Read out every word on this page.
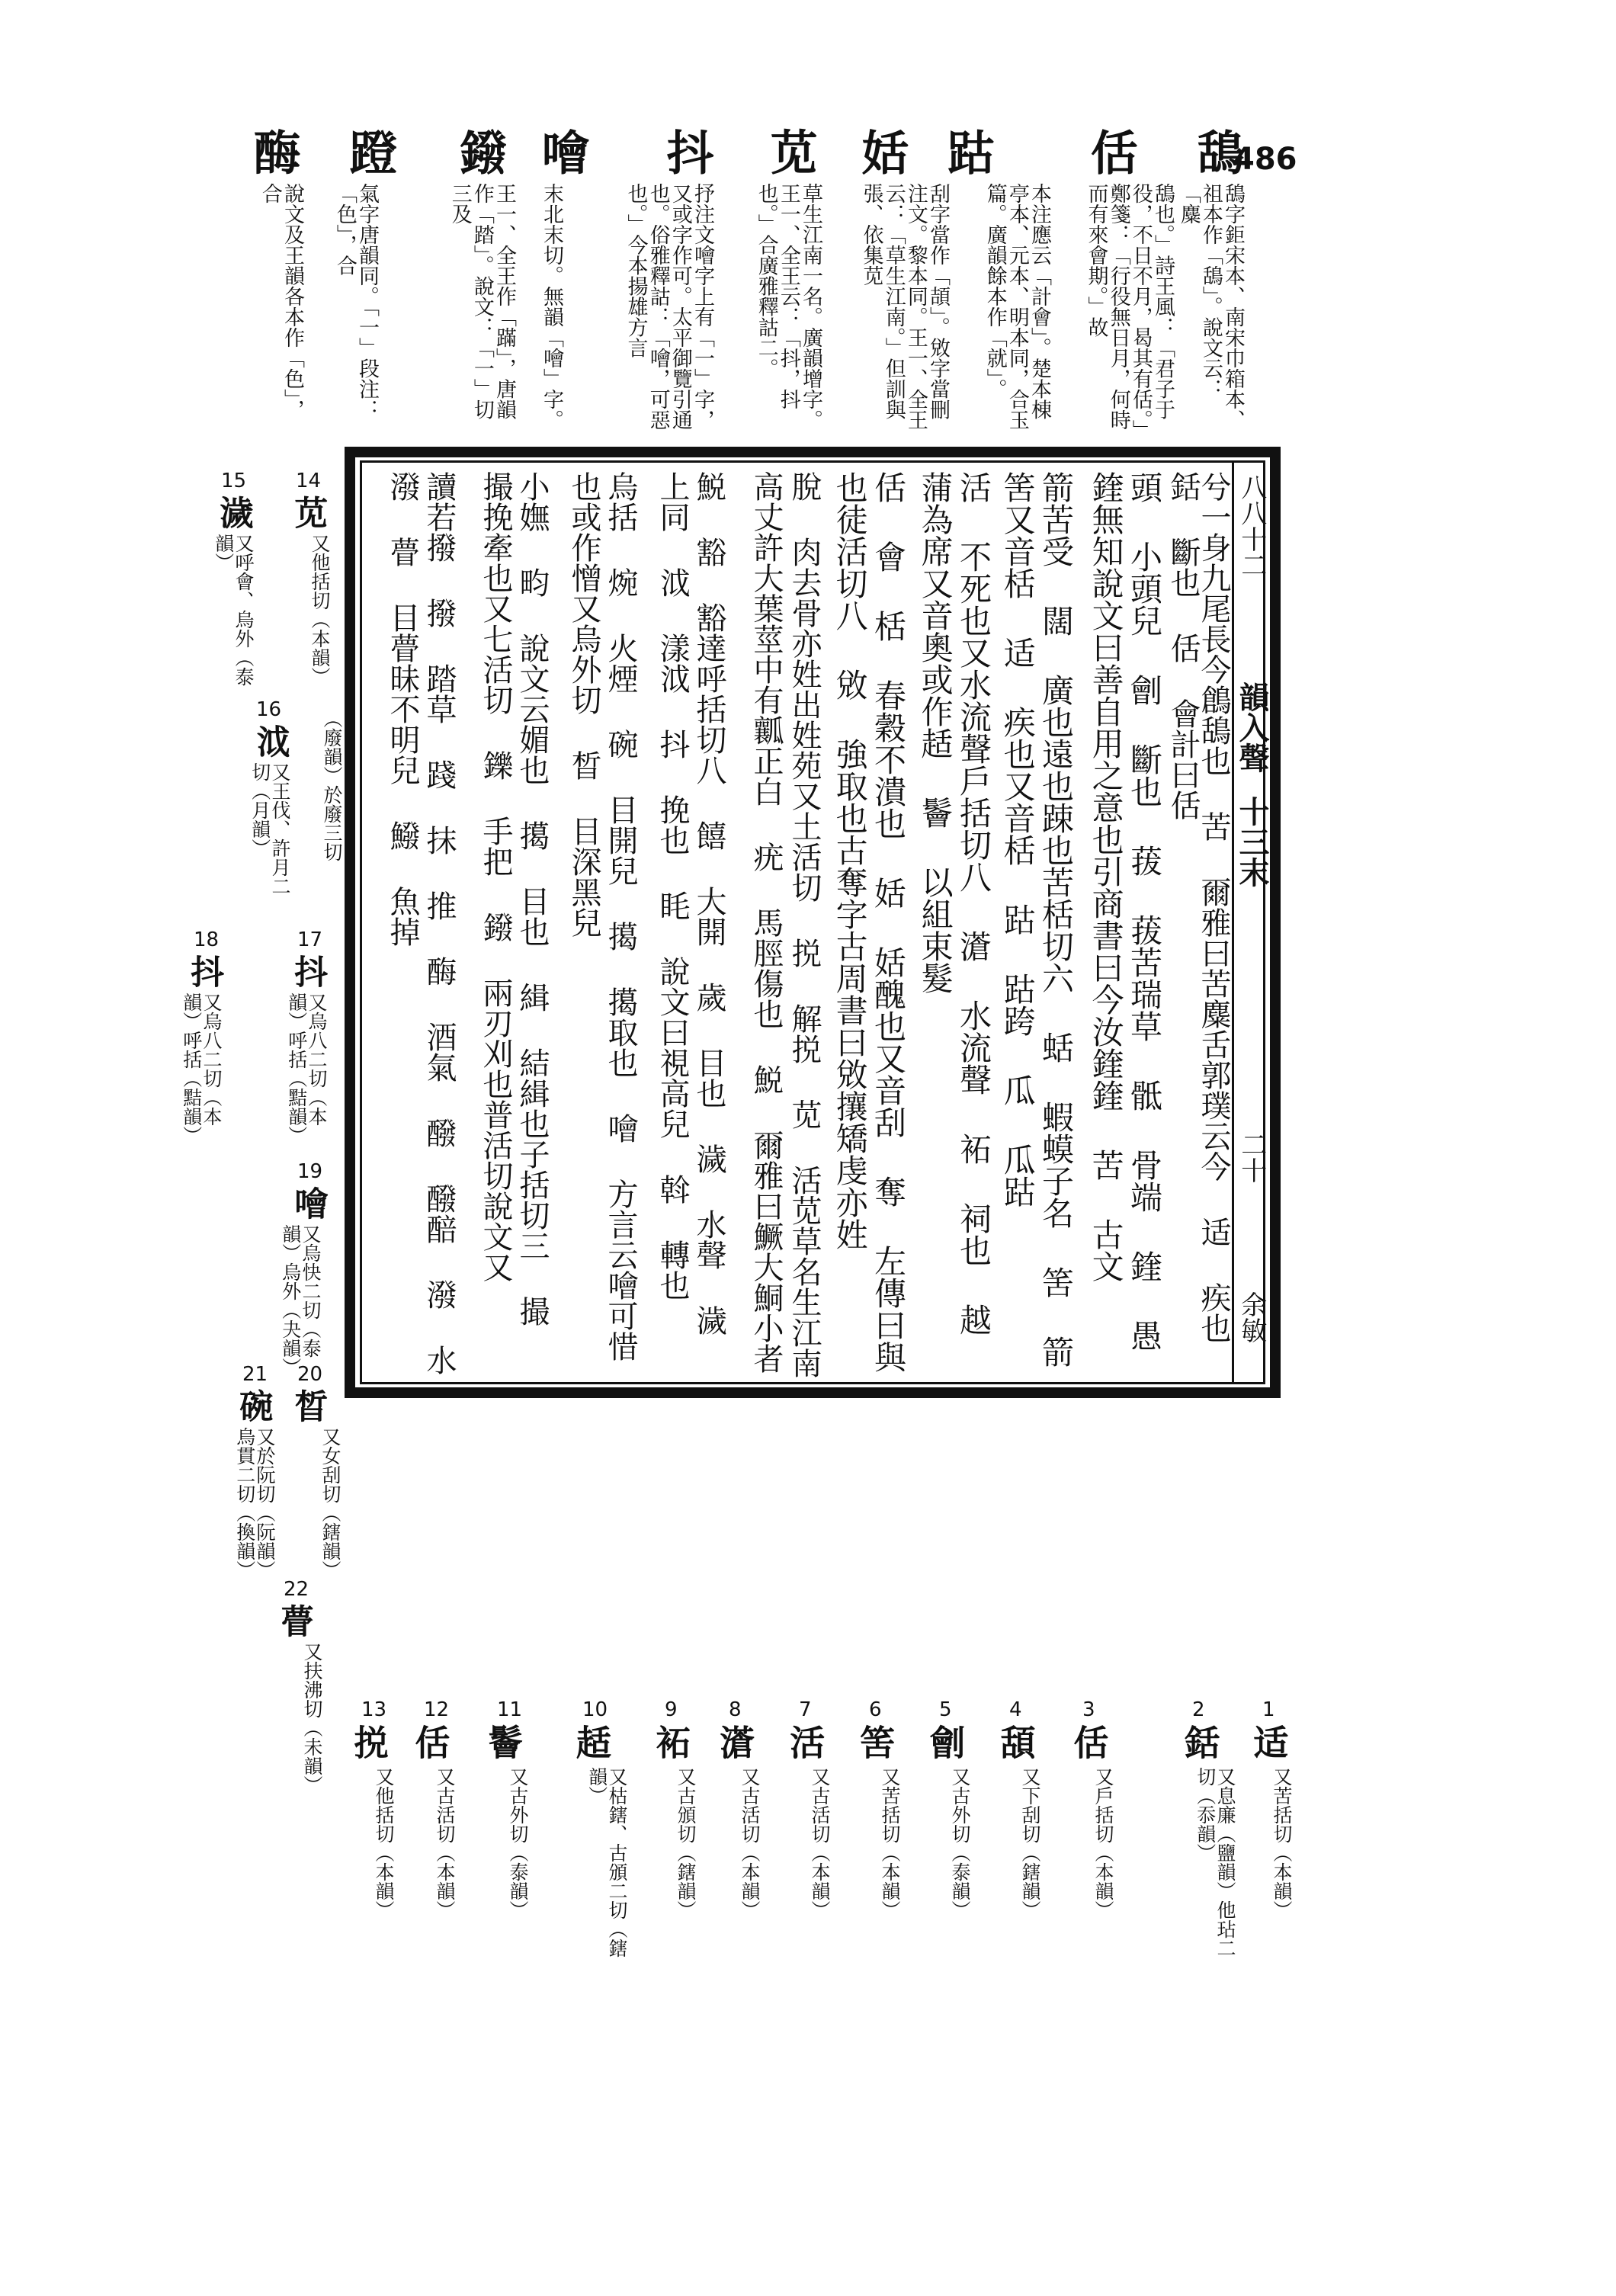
486
鴰
佸
跍
姡
苋
抖
噲
鏺
蹬
酶
鴰字鉅宋本、南宋巾箱本、祖本作「鴰」。說文云：「麋
鴰也。」詩王風：「君子于役，不日不月，曷其有佸。」鄭箋：「行役無日月，何時而有來會期。」故
本注應云「計會」。楚本棟亭本、元本、明本同，合玉篇。廣韻餘本作「就」。
刮字當作「頡」。敓字當刪注文。黎本同。王一、全王云：「草生江南。」但訓與張、依集苋
草生江南一名。廣韻增字。王一、全王云：「抖，抖也。」合廣雅釋詁二。
抒注文噲字上有「一」字，又或字作可。太平御覽引通也。俗雅釋詁：「噲，可惡也。」今本揚雄方言
末北末切。無韻「噲」字。
王一、全王作「蹣」，唐韻作「踏」。說文：「一」切三及
氣字唐韻同。「一」段注：「色」，合
說文及王韻各本作「色」，合
八八十二
韻入聲
十三末
二十
余敏
兮一身九尾長今鶬鴰也 苦 爾雅曰苦麋舌郭璞云今 适 疾也 銛 斷也 佸 會計曰佸
頭 小頭兒 劊 斷也 菝 菝苦瑞草 骶 骨端 鍷 愚鍷無知說文曰善自用之意也引商書曰今汝鍷鍷 苦 古文
箭苦受 闊 廣也遠也踈也苦栝切六 蛞 蝦蟆子名 筈 箭筈又音栝 适 疾也又音栝 跍 跍跨 瓜 瓜跍
活 不死也又水流聲戶括切八 濸 水流聲 袥 祠也 越 蒲為席又音奧或作趏 鬠 以組束髮
佸 會 栝 春穀不潰也 姡 姡醜也又音刮 奪 左傳曰與也徒活切八 敓 強取也古奪字古周書曰敓攘矯虔亦姓
脫 肉去骨亦姓出姓苑又土活切 捝 解捝 苋 活苋草名生江南高丈許大葉莖中有瓤正白 疣 馬脛傷也 鮵 爾雅曰鱖大鮦小者
鮵 豁 豁達呼括切八 饎 大開 歲 目也 濊 水聲 濊 上同 泧 漾泧 抖 挽也 眊 說文曰視高兒 斡 轉也
烏括 焥 火煙 碗 目開兒 擖 擖取也 噲 方言云噲可惜也或作憎又烏外切 晳 目深黑兒
小嫵 畇 說文云媚也 擖 目也 緝 結緝也子括切三 撮 撮挽牽也又七活切 鑠 手把 鏺 兩刃刈也普活切說文又
讀若撥 撥 踏草 踐 抹 推 酶 酒氣 醱 醱醅 潑 水潑 瞢 目瞢昧不明兒 鱍 魚掉
14
苋
又他括切（本韻）
15
濊
又呼會、烏外（泰韻）
16
泧
又王伐、許月二切（月韻）	（廢韻）於廢三切
17
抖
又烏八二切（本韻）呼括（黠韻）
18
抖
又烏八二切（本韻）呼括（黠韻）
19
噲
又烏快二切（泰韻）烏外（夬韻）
20
晳
又女刮切（鎋韻）
21
碗
又於阮切（阮韻）烏貫二切（換韻）
22
瞢
又扶沸切（未韻）	1
适
又苦括切（本韻）
2
銛
又息廉（鹽韻）他玷二切（忝韻）
3
佸
又戶括切（本韻）
4
頢
又下刮切（鎋韻）
5
劊
又古外切（泰韻）
6
筈
又苦括切（本韻）
7
活
又古活切（本韻）
8
濸
又古活切（本韻）
9
袥
又古頒切（鎋韻）
10
趏
又枯鎋、古頒二切（鎋韻）
11
鬠
又古外切（泰韻）
12
佸
又古活切（本韻）
13
捝
又他括切（本韻）
